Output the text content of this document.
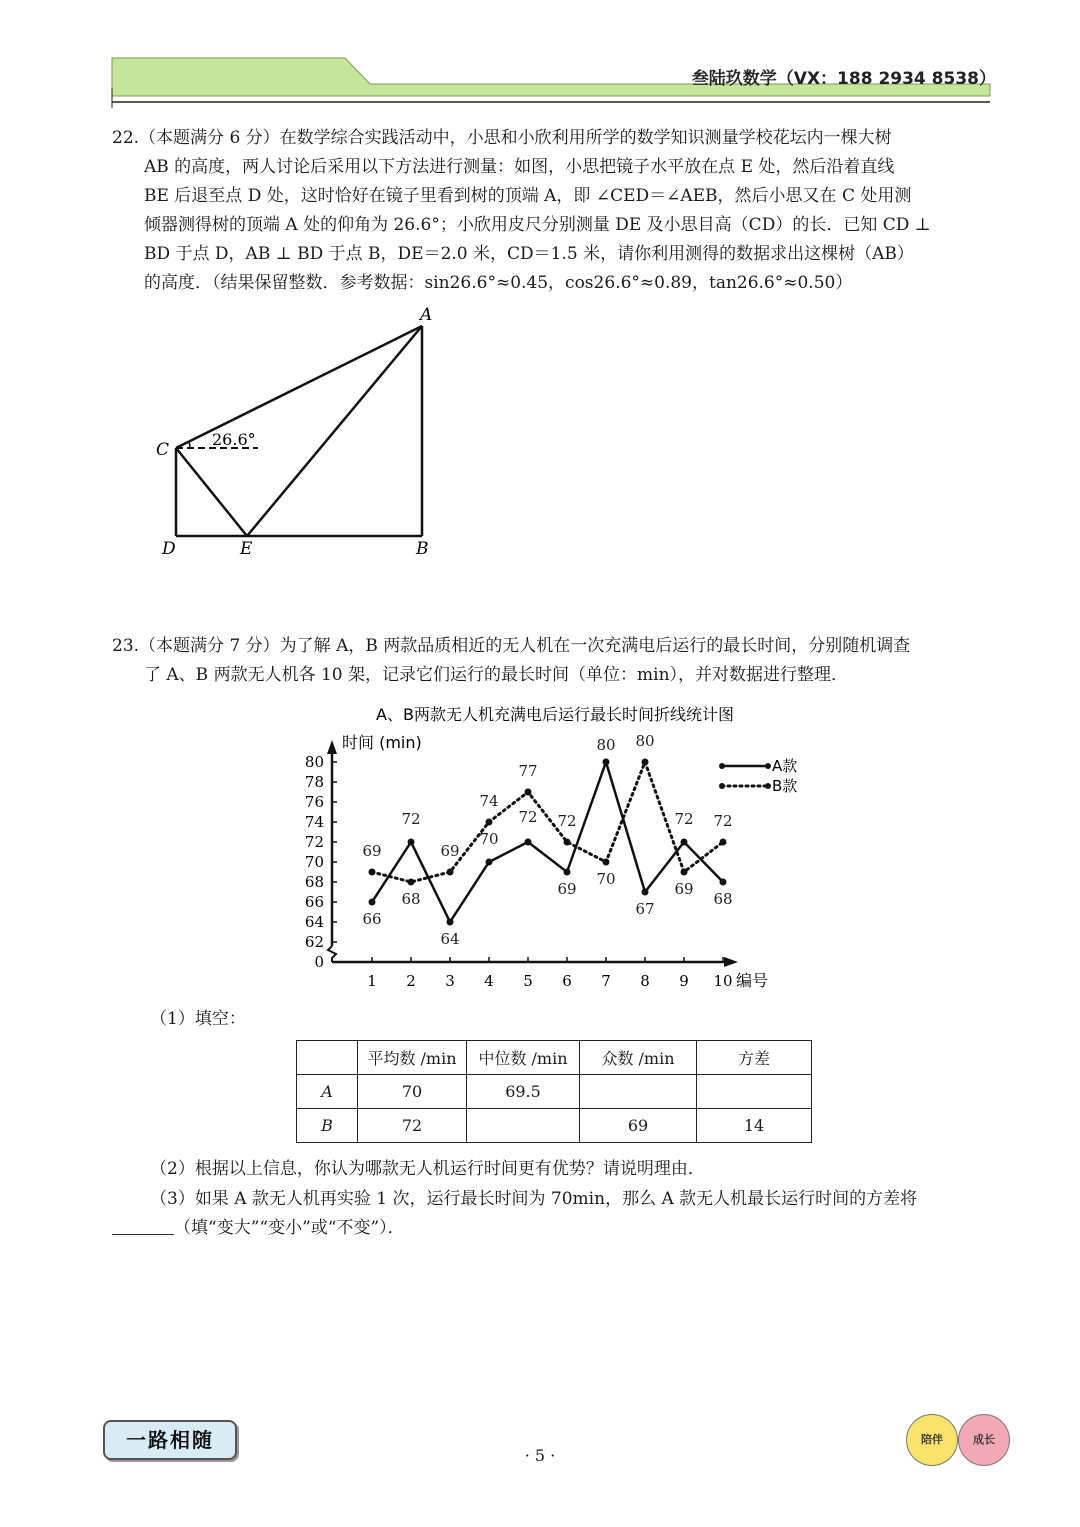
叁陆玖数学（VX：188 2934 8538）

22.（本题满分 6 分）在数学综合实践活动中，小思和小欣利用所学的数学知识测量学校花坛内一棵大树

AB 的高度，两人讨论后采用以下方法进行测量：如图，小思把镜子水平放在点 E 处，然后沿着直线

BE 后退至点 D 处，这时恰好在镜子里看到树的顶端 A，即 ∠CED＝∠AEB，然后小思又在 C 处用测

倾器测得树的顶端 A 处的仰角为 26.6°；小欣用皮尺分别测量 DE 及小思目高（CD）的长．已知 CD ⊥

BD 于点 D，AB ⊥ BD 于点 B，DE＝2.0 米，CD＝1.5 米，请你利用测得的数据求出这棵树（AB）

的高度．（结果保留整数．参考数据：sin26.6°≈0.45，cos26.6°≈0.89，tan26.6°≈0.50）

26.6°
A
C
D	E	B

23.（本题满分 7 分）为了解 A，B 两款品质相近的无人机在一次充满电后运行的最长时间，分别随机调查

了 A、B 两款无人机各 10 架，记录它们运行的最长时间（单位：min），并对数据进行整理．

A、B两款无人机充满电后运行最长时间折线统计图
时间 (min)
编号
0
62
64
66
68
70
72
74
76
78
80
1 2 3 4 5 6 7 8 9 10
66
72
64
70
72
69
80
67
72
68
69
68
69
74
77
72
70
80
69
72
A款
B款
（1）填空：
	平均数 /min	中位数 /min	众数 /min	方差
A	70	69.5		
B	72		69	14
（2）根据以上信息，你认为哪款无人机运行时间更有优势？请说明理由．
（3）如果 A 款无人机再实验 1 次，运行最长时间为 70min，那么 A 款无人机最长运行时间的方差将
（填“变大”“变小”或“不变”）．
一路相随
· 5 ·
陪伴	成长
